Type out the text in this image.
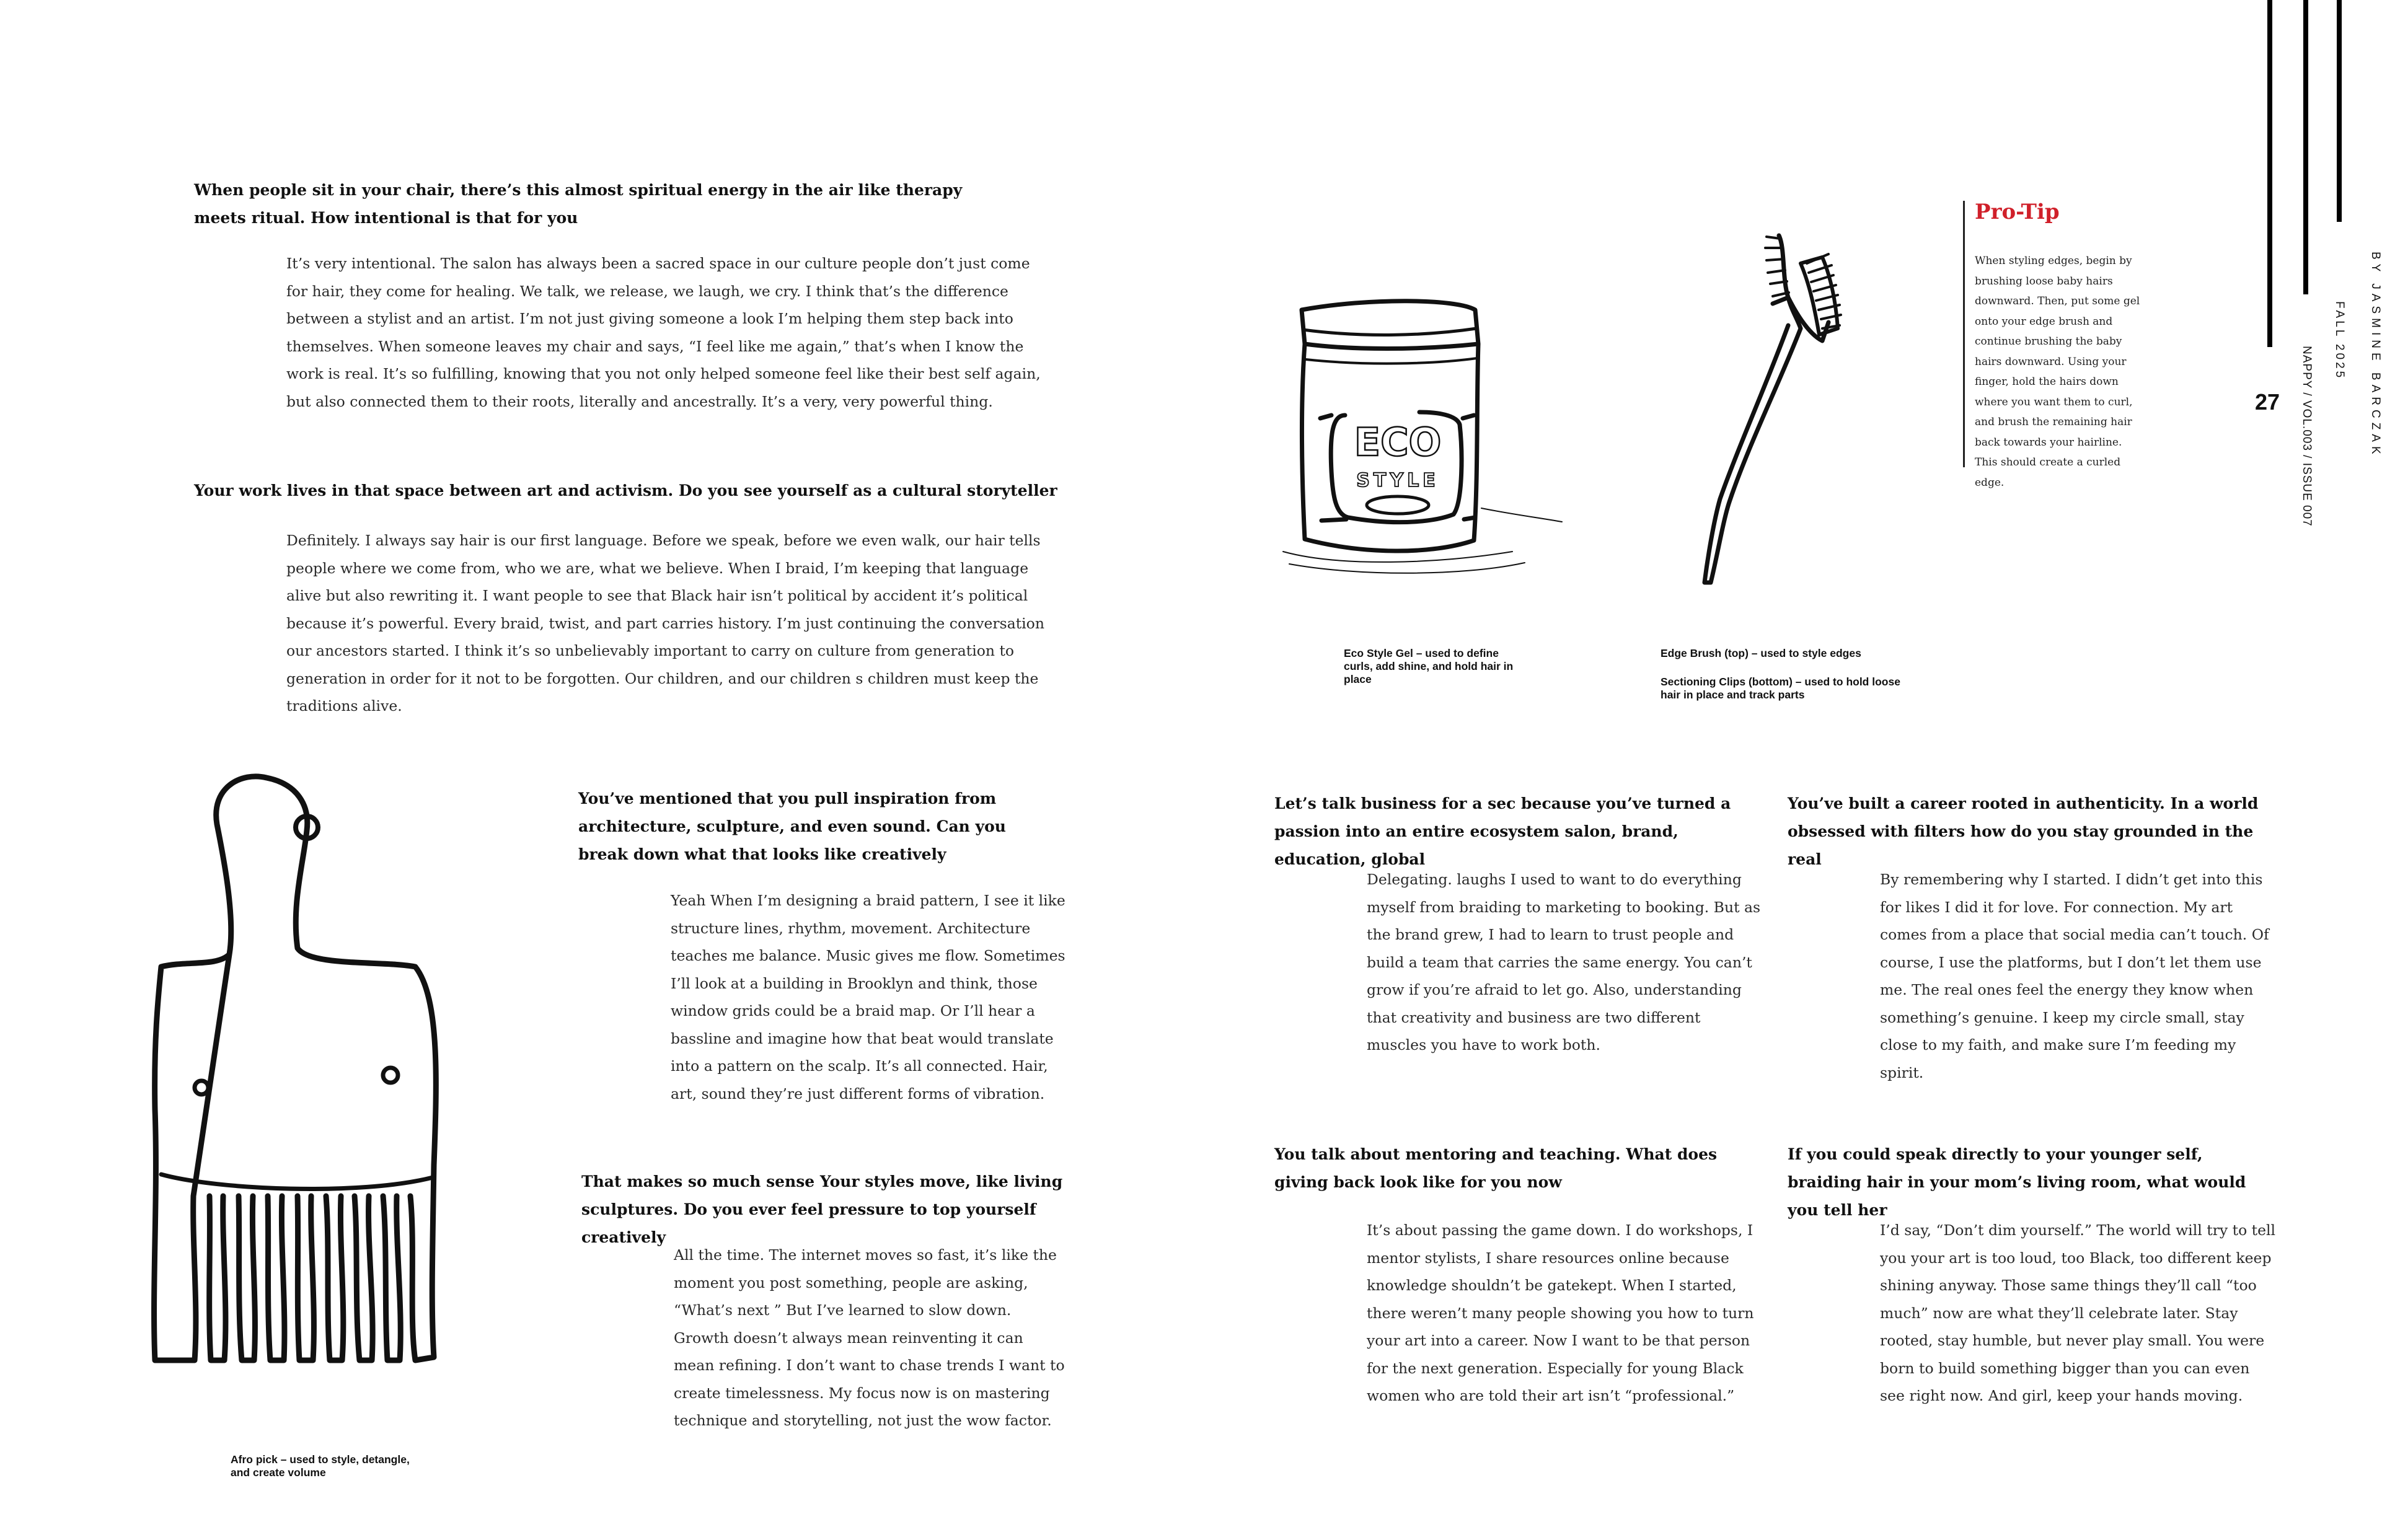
When people sit in your chair, there’s this almost spiritual energy in the air like therapy meets ritual. How intentional is that for you

It’s very intentional. The salon has always been a sacred space in our culture people don’t just come for hair, they come for healing. We talk, we release, we laugh, we cry. I think that’s the difference between a stylist and an artist. I’m not just giving someone a look I’m helping them step back into themselves. When someone leaves my chair and says, “I feel like me again,” that’s when I know the work is real. It’s so fulfilling, knowing that you not only helped someone feel like their best self again, but also connected them to their roots, literally and ancestrally. It’s a very, very powerful thing.

Your work lives in that space between art and activism. Do you see yourself as a cultural storyteller

Definitely. I always say hair is our first language. Before we speak, before we even walk, our hair tells people where we come from, who we are, what we believe. When I braid, I’m keeping that language alive but also rewriting it. I want people to see that Black hair isn’t political by accident it’s political because it’s powerful. Every braid, twist, and part carries history. I’m just continuing the conversation our ancestors started. I think it’s so unbelievably important to carry on culture from generation to generation in order for it not to be forgotten. Our children, and our children s children must keep the traditions alive.

Afro pick – used to style, detangle, and create volume

You’ve mentioned that you pull inspiration from architecture, sculpture, and even sound. Can you break down what that looks like creatively

Yeah When I’m designing a braid pattern, I see it like structure lines, rhythm, movement. Architecture teaches me balance. Music gives me flow. Sometimes I’ll look at a building in Brooklyn and think, those window grids could be a braid map. Or I’ll hear a bassline and imagine how that beat would translate into a pattern on the scalp. It’s all connected. Hair, art, sound they’re just different forms of vibration.

That makes so much sense Your styles move, like living sculptures. Do you ever feel pressure to top yourself creatively

All the time. The internet moves so fast, it’s like the moment you post something, people are asking, “What’s next ” But I’ve learned to slow down. Growth doesn’t always mean reinventing it can mean refining. I don’t want to chase trends I want to create timelessness. My focus now is on mastering technique and storytelling, not just the wow factor.

ECO
STYLE

Eco Style Gel – used to define curls, add shine, and hold hair in place

Edge Brush (top) – used to style edges

Sectioning Clips (bottom) – used to hold loose hair in place and track parts

Pro-Tip

When styling edges, begin by brushing loose baby hairs downward. Then, put some gel onto your edge brush and continue brushing the baby hairs downward. Using your finger, hold the hairs down where you want them to curl, and brush the remaining hair back towards your hairline. This should create a curled edge.

Let’s talk business for a sec because you’ve turned a passion into an entire ecosystem salon, brand, education, global

Delegating. laughs I used to want to do everything myself from braiding to marketing to booking. But as the brand grew, I had to learn to trust people and build a team that carries the same energy. You can’t grow if you’re afraid to let go. Also, understanding that creativity and business are two different muscles you have to work both.

You’ve built a career rooted in authenticity. In a world obsessed with filters how do you stay grounded in the real

By remembering why I started. I didn’t get into this for likes I did it for love. For connection. My art comes from a place that social media can’t touch. Of course, I use the platforms, but I don’t let them use me. The real ones feel the energy they know when something’s genuine. I keep my circle small, stay close to my faith, and make sure I’m feeding my spirit.

You talk about mentoring and teaching. What does giving back look like for you now

It’s about passing the game down. I do workshops, I mentor stylists, I share resources online because knowledge shouldn’t be gatekept. When I started, there weren’t many people showing you how to turn your art into a career. Now I want to be that person for the next generation. Especially for young Black women who are told their art isn’t “professional.”

If you could speak directly to your younger self, braiding hair in your mom’s living room, what would you tell her

I’d say, “Don’t dim yourself.” The world will try to tell you your art is too loud, too Black, too different keep shining anyway. Those same things they’ll call “too much” now are what they’ll celebrate later. Stay rooted, stay humble, but never play small. You were born to build something bigger than you can even see right now. And girl, keep your hands moving.

27	BY JASMINE BARCZAK
FALL 2025
NAPPY / VOL.003 / ISSUE 007
